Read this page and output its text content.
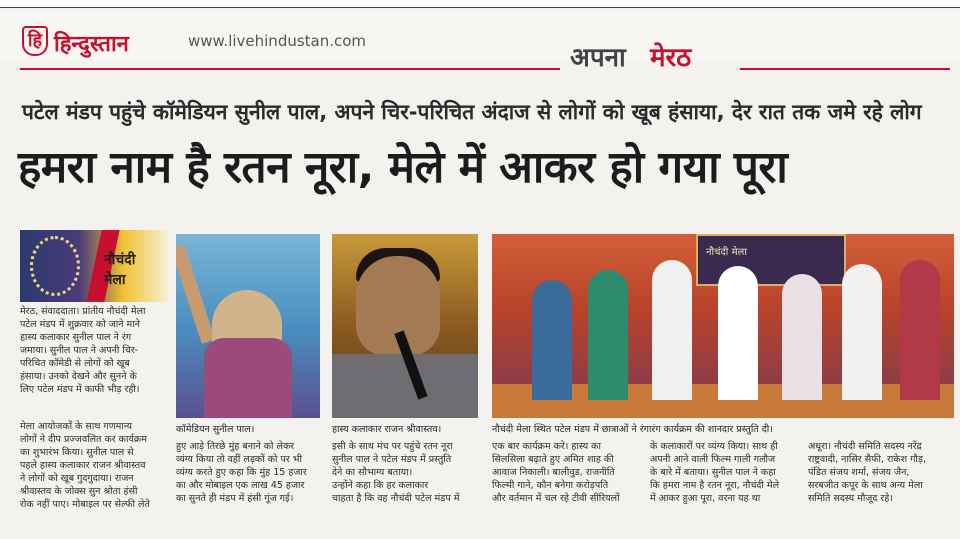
हि हिन्दुस्तान	www.livehindustan.com
अपना मेरठ
पटेल मंडप पहुंचे कॉमेडियन सुनील पाल, अपने चिर-परिचित अंदाज से लोगों को खूब हंसाया, देर रात तक जमे रहे लोग
हमरा नाम है रतन नूरा, मेले में आकर हो गया पूरा
नौचंदी
मेला
मेरठ, संवाददाता। प्रांतीय नौचंदी मेला
पटेल मंडप में शुक्रवार को जाने माने
हास्य कलाकार सुनील पाल ने रंग
जमाया। सुनील पाल ने अपनी चिर-
परिचित कॉमेडी से लोगों को खूब
हंसाया। उनको देखने और सुनने के
लिए पटेल मंडप में काफी भीड़ रही।
मेला आयोजकों के साथ गणमान्य
लोगों ने दीप प्रज्जवलित कर कार्यक्रम
का शुभारंभ किया। सुनील पाल से
पहले हास्य कलाकार राजन श्रीवास्तव
ने लोगों को खूब गुदगुदाया। राजन
श्रीवास्तव के जोक्स सुन श्रोता हंसी
रोक नहीं पाए। मोबाइल पर सेल्फी लेते
कॉमेडियन सुनील पाल।
हुए आड़े तिरछे मुंह बनाने को लेकर
व्यंग्य किया तो वहीं लड़कों को पर भी
व्यंग्य करते हुए कहा कि मुंह 15 हजार
का और मोबाइल एक लाख 45 हजार
का सुनते ही मंडप में हंसी गूंज गई।
हास्य कलाकार राजन श्रीवास्तव।
इसी के साथ मंच पर पहुंचे रतन नूरा
सुनील पाल ने पटेल मंडप में प्रस्तुति
देने का सौभाग्य बताया।
उन्होंने कहा कि हर कलाकार
चाहता है कि वह नौचंदी पटेल मंडप में
नौचंदी मेला
नौचंदी मेला स्थित पटेल मंडप में छात्राओं ने रंगारंग कार्यक्रम की शानदार प्रस्तुति दी।
एक बार कार्यक्रम करे। हास्य का
सिलसिला बढ़ाते हुए अमित शाह की
आवाज निकाली। बालीवुड, राजनीति
फिल्मी गाने, कौन बनेगा करोड़पति
और वर्तमान में चल रहे टीवी सीरियलों
के कलाकारों पर व्यंग्य किया। साथ ही
अपनी आने वाली फिल्म गाली गलौज
के बारे में बताया। सुनील पाल ने कहा
कि हमरा नाम है रतन नूरा, नौचंदी मेले
में आकर हुआ पूरा, वरना यह था
अधूरा। नौचंदी समिति सदस्य नरेंद्र
राष्ट्रवादी, नासिर सैफी, राकेश गौड़,
पंडित संजय शर्मा, संजय जैन,
सरबजीत कपूर के साथ अन्य मेला
समिति सदस्य मौजूद रहे।
